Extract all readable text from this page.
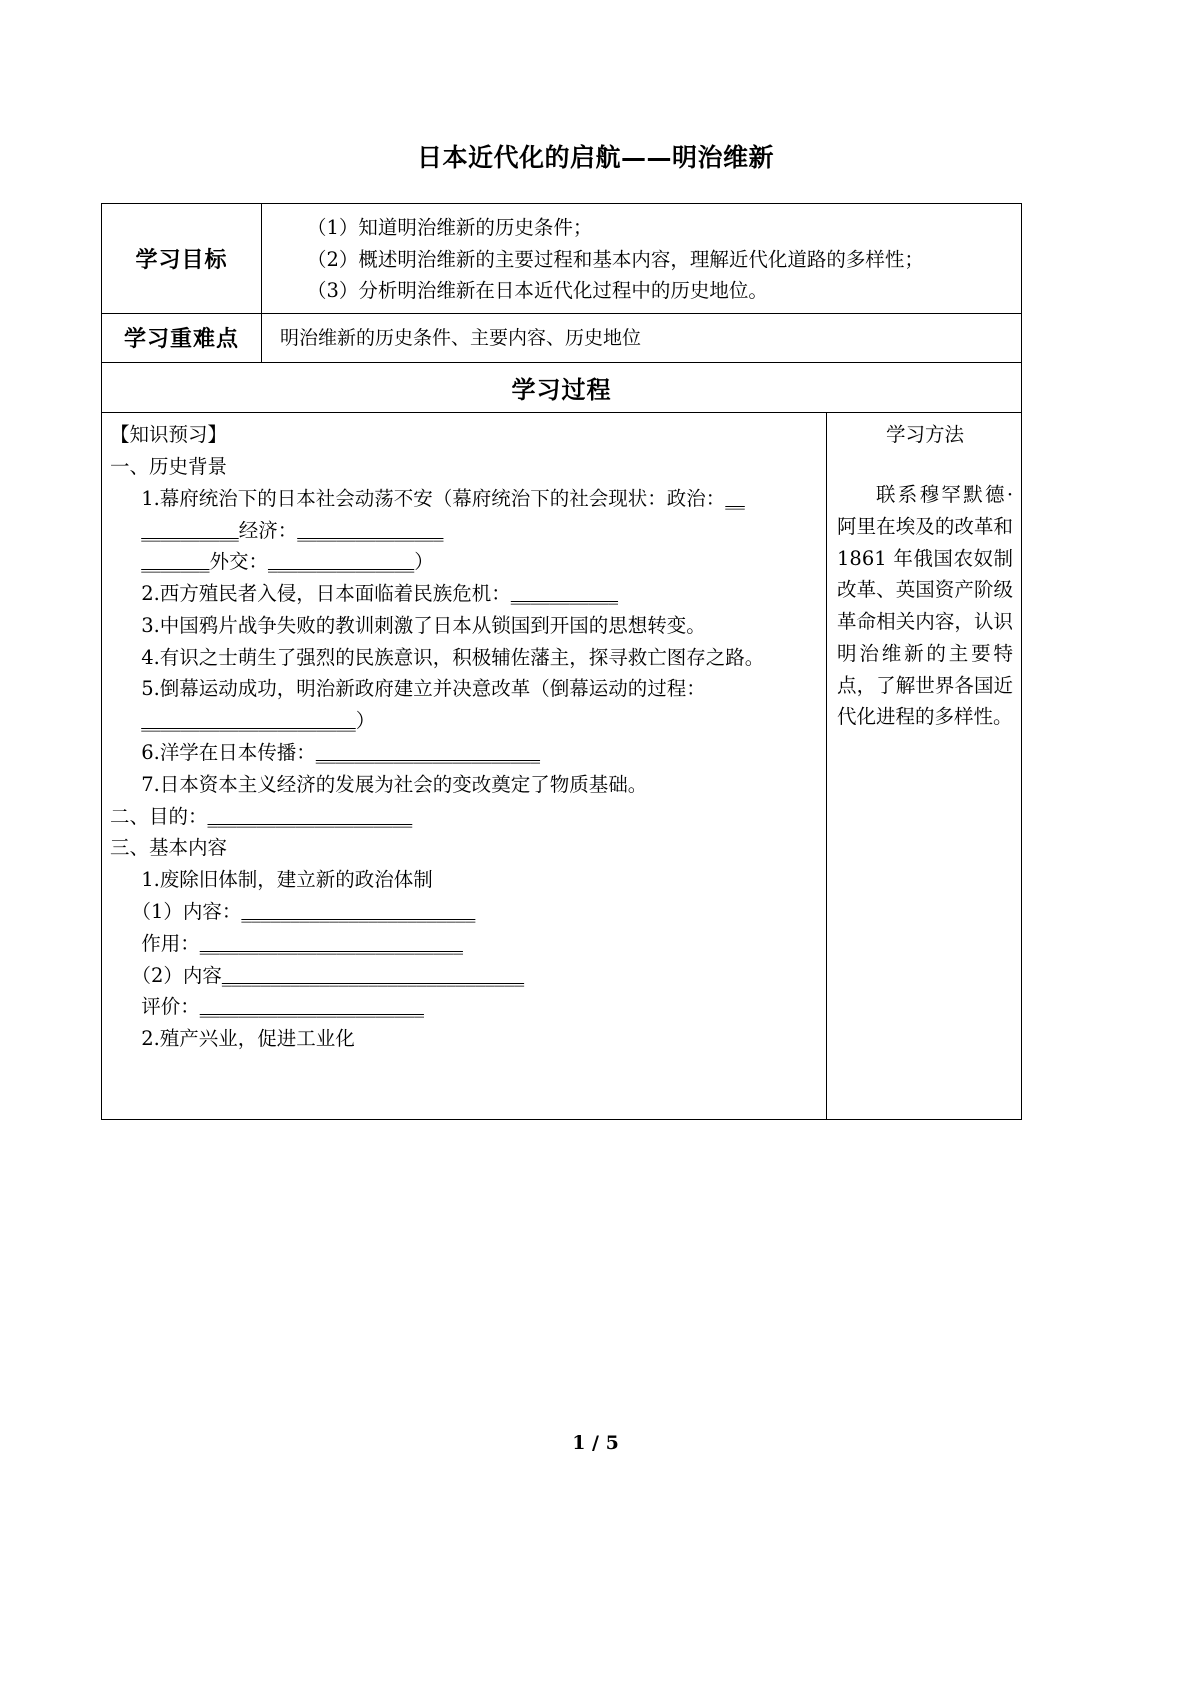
日本近代化的启航——明治维新
学习目标	（1）知道明治维新的历史条件；
（2）概述明治维新的主要过程和基本内容，理解近代化道路的多样性；
（3）分析明治维新在日本近代化过程中的历史地位。	

学习重难点	明治维新的历史条件、主要内容、历史地位	
学习过程		

【知识预习】
一、历史背景
1.幕府统治下的日本社会动荡不安（幕府统治下的社会现状：政治：__
__________经济：_______________
_______外交：_______________）
2.西方殖民者入侵，日本面临着民族危机：___________
3.中国鸦片战争失败的教训刺激了日本从锁国到开国的思想转变。
4.有识之士萌生了强烈的民族意识，积极辅佐藩主，探寻救亡图存之路。
5.倒幕运动成功，明治新政府建立并决意改革（倒幕运动的过程：
______________________）
6.洋学在日本传播：_______________________
7.日本资本主义经济的发展为社会的变改奠定了物质基础。
二、目的：_____________________
三、基本内容
1.废除旧体制，建立新的政治体制
（1）内容：________________________
作用：___________________________
（2）内容_______________________________
评价：_______________________
2.殖产兴业，促进工业化

学习方法
联系穆罕默德·阿里在埃及的改革和 1861 年俄国农奴制改革、英国资产阶级革命相关内容，认识明治维新的主要特点，了解世界各国近代化进程的多样性。
1 / 5
